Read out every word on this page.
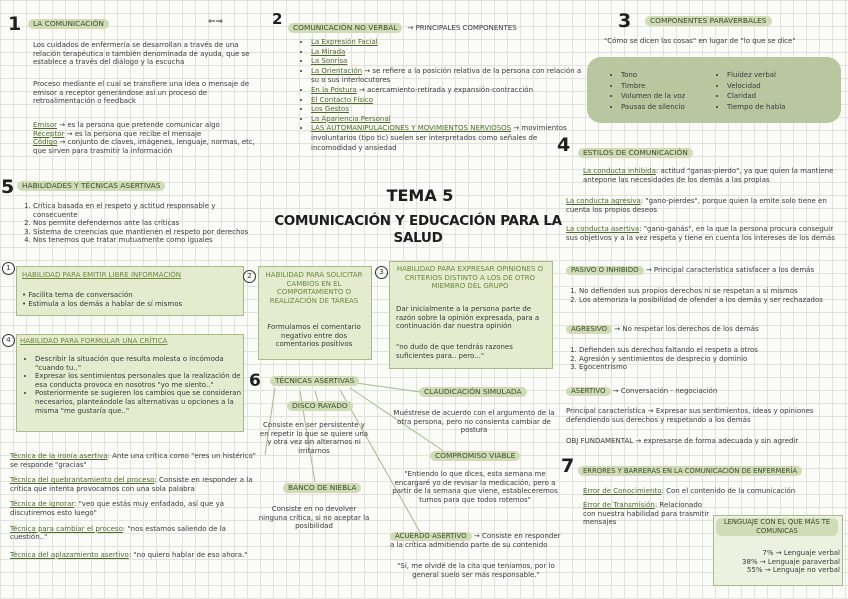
TEMA 5
COMUNICACIÓN Y EDUCACIÓN PARA LA SALUD
1	LA COMUNICACIÓN	⇐⇒
Los cuidados de enfermería se desarrollan a través de una relación terapéutica o también denominada de ayuda, que se establece a través del diálogo y la escucha
Proceso mediante el cual se transfiere una idea o mensaje de emisor a receptor generándose así un proceso de retroalimentación o feedback
Emisor → es la persona que pretende comunicar algo
Receptor → es la persona que recibe el mensaje
Código → conjunto de claves, imágenes, lenguaje, normas, etc, que sirven para trasmitir la información
2	COMUNICACIÓN NO VERBAL → PRINCIPALES COMPONENTES
• La Expresión Facial
• La Mirada
• La Sonrisa
• La Orientación → se refiere a la posición relativa de la persona con relación a su o sus interlocutores
• En la Postura → acercamiento-retirada y expansión-contracción
• El Contacto Físico
• Los Gestos
• La Apariencia Personal
• LAS AUTOMANIPULACIONES Y MOVIMIENTOS NERVIOSOS → movimientos involuntarios (tipo tic) suelen ser interpretados como señales de incomodidad y ansiedad
3	COMPONENTES PARAVERBALES
"Cómo se dicen las cosas" en lugar de "lo que se dice"
• Tono
• Timbre
• Volumen de la voz
• Pausas de silencio
• Fluidez verbal
• Velocidad
• Claridad
• Tiempo de habla
4	ESTILOS DE COMUNICACIÓN
La conducta inhibida: actitud "ganas-pierdo", ya que quien la mantiene antepone las necesidades de los demás a las propias
La conducta agresiva: "gano-pierdes", porque quien la emite solo tiene en cuenta los propios deseos
La conducta asertiva: "gano-ganás", en la que la persona procura conseguir sus objetivos y a la vez respeta y tiene en cuenta los intereses de los demás
PASIVO O INHIBIDO → Principal característica satisfacer a los demás
1. No defienden sus propios derechos ni se respetan a sí mismos
2. Los atemoriza la posibilidad de ofender a los demás y ser rechazados
AGRESIVO → No respetar los derechos de los demás
1. Defienden sus derechos faltando el respeto a otros
2. Agresión y sentimientos de desprecio y dominio
3. Egocentrismo
ASERTIVO → Conversación - negociación
Principal característica → Expresar sus sentimientos, ideas y opiniones defendiendo sus derechos y respetando a los demás
OBJ FUNDAMENTAL → expresarse de forma adecuada y sin agredir
5	HABILIDADES Y TÉCNICAS ASERTIVAS
1. Crítica basada en el respeto y actitud responsable y consecuente
2. Nos permite defendernos ante las críticas
3. Sistema de creencias que mantienen el respeto por derechos
4. Nos tenemos que tratar mutuamente como iguales
1
HABILIDAD PARA EMITIR LIBRE INFORMACIÓN
• Facilita tema de conversación
• Estimula a los demás a hablar de sí mismos
2	HABILIDAD PARA SOLICITAR CAMBIOS EN EL COMPORTAMIENTO O REALIZACIÓN DE TAREAS
Formulamos el comentario negativo entre dos comentarios positivos
3	HABILIDAD PARA EXPRESAR OPINIONES O CRITERIOS DISTINTO A LOS DE OTRO MIEMBRO DEL GRUPO
Dar inicialmente a la persona parte de razón sobre la opinión expresada, para a continuación dar nuestra opinión
"no dudo de que tendrás razones suficientes para.. pero..."
4	HABILIDAD PARA FORMULAR UNA CRÍTICA
• Describir la situación que resulta molesta o incómoda "cuando tu.."
• Expresar los sentimientos personales que la realización de esa conducta provoca en nosotros "yo me siento.."
• Posteriormente se sugieren los cambios que se consideran necesarios, planteándole las alternativas u opciones a la misma "me gustaría que.."
6	TÉCNICAS ASERTIVAS
DISCO RAYADO
Consiste en ser persistente y en repetir lo que se quiere una y otra vez sin alterarnos ni irritarnos
BANCO DE NIEBLA
Consiste en no devolver ninguna crítica, si no aceptar la posibilidad
CLAUDICACIÓN SIMULADA
Muéstrese de acuerdo con el argumento de la otra persona, pero no consienta cambiar de postura
COMPROMISO VIABLE
"Entiendo lo que dices, esta semana me encargaré yo de revisar la medicación, pero a partir de la semana que viene, estableceremos turnos para que todos rotemos"
ACUERDO ASERTIVO → Consiste en responder a la crítica admitiendo parte de su contenido
"Sí, me olvidé de la cita que teníamos, por lo general suelo ser más responsable."
Técnica de la ironía asertiva: Ante una crítica como "eres un histérico" se responde "gracias"
Técnica del quebrantamiento del proceso: Consiste en responder a la crítica que intenta provocarnos con una sola palabra
Técnica de ignorar: "veo que estás muy enfadado, así que ya discutiremos esto luego"
Técnica para cambiar el proceso: "nos estamos saliendo de la cuestión.."
Técnica del aplazamiento asertivo: "no quiero hablar de eso ahora."
7	ERRORES Y BARRERAS EN LA COMUNICACIÓN DE ENFERMERÍA
Error de Conocimiento: Con el contenido de la comunicación
Error de Transmisión: Relacionado con nuestra habilidad para trasmitir mensajes	LENGUAJE CON EL QUE MÁS TE COMUNICAS
7% → Lenguaje verbal
38% → Lenguaje paraverbal
55% → Lenguaje no verbal
